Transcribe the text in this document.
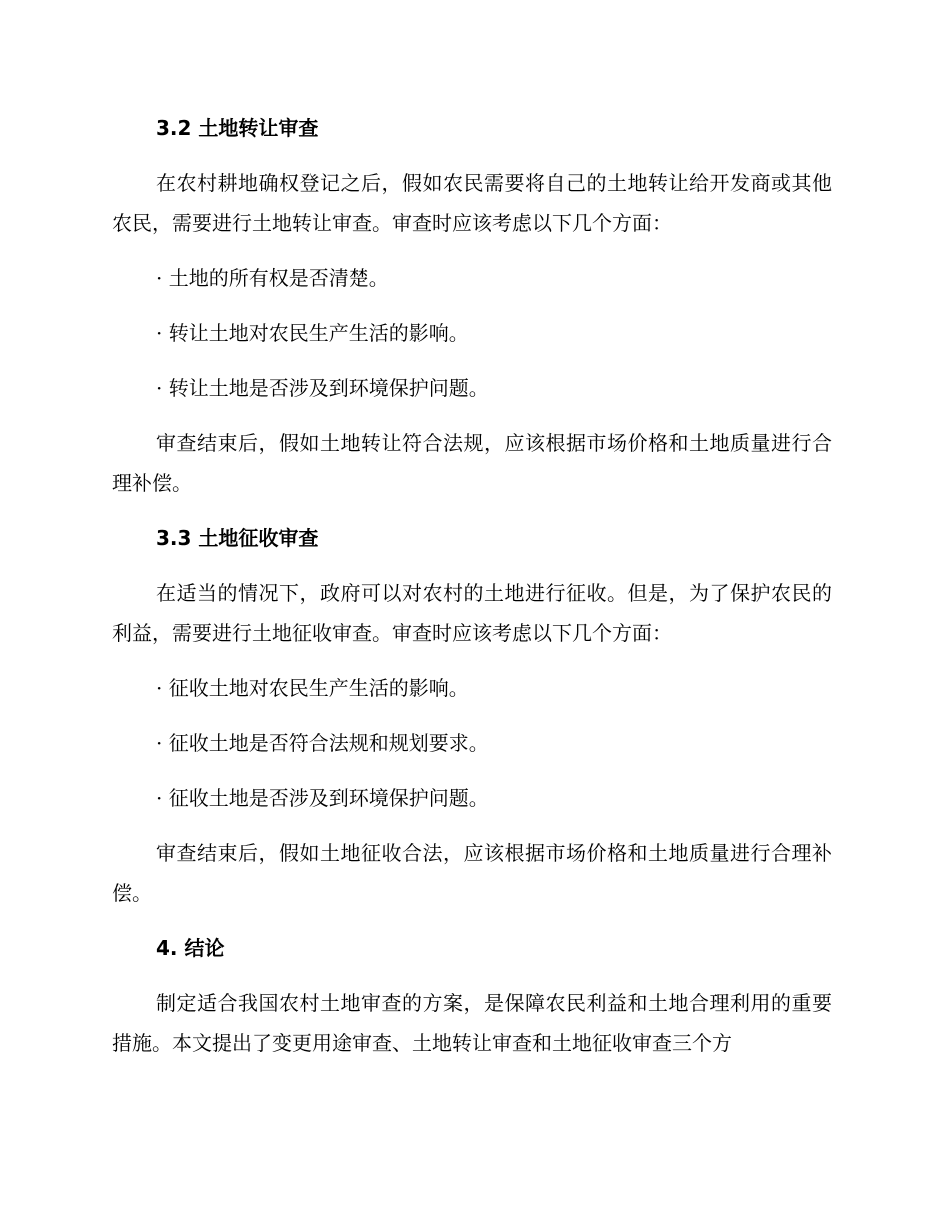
3.2 土地转让审查

在农村耕地确权登记之后，假如农民需要将自己的土地转让给开发商或其他农民，需要进行土地转让审查。审查时应该考虑以下几个方面：

· 土地的所有权是否清楚。
· 转让土地对农民生产生活的影响。
· 转让土地是否涉及到环境保护问题。

审查结束后，假如土地转让符合法规，应该根据市场价格和土地质量进行合理补偿。

3.3 土地征收审查

在适当的情况下，政府可以对农村的土地进行征收。但是，为了保护农民的利益，需要进行土地征收审查。审查时应该考虑以下几个方面：

· 征收土地对农民生产生活的影响。
· 征收土地是否符合法规和规划要求。
· 征收土地是否涉及到环境保护问题。

审查结束后，假如土地征收合法，应该根据市场价格和土地质量进行合理补偿。

4. 结论

制定适合我国农村土地审查的方案，是保障农民利益和土地合理利用的重要措施。本文提出了变更用途审查、土地转让审查和土地征收审查三个方
